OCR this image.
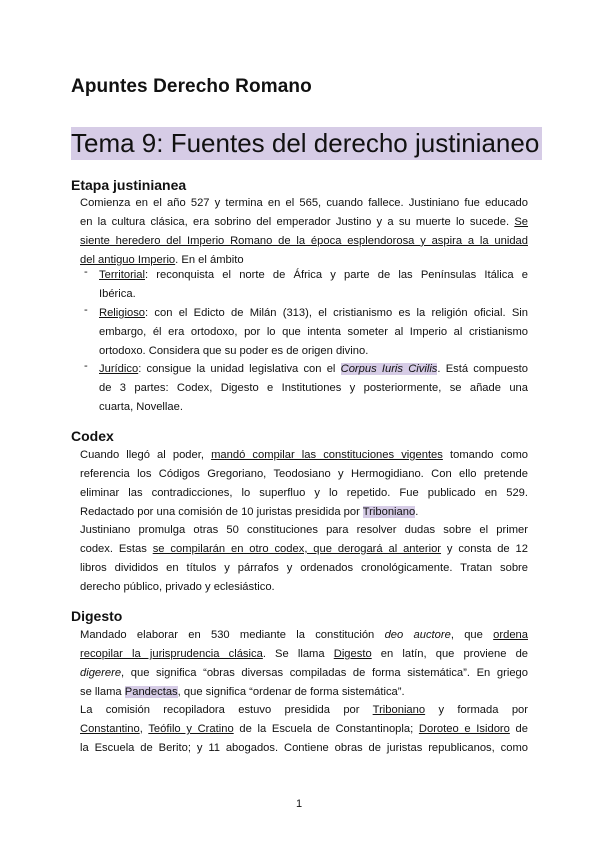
Apuntes Derecho Romano
Tema 9: Fuentes del derecho justinianeo
Etapa justinianea
Comienza en el año 527 y termina en el 565, cuando fallece. Justiniano fue educado
en la cultura clásica, era sobrino del emperador Justino y a su muerte lo sucede. Se
siente heredero del Imperio Romano de la época esplendorosa y aspira a la unidad
del antiguo Imperio. En el ámbito
- Territorial: reconquista el norte de África y parte de las Penínsulas Itálica e
Ibérica.
- Religioso: con el Edicto de Milán (313), el cristianismo es la religión oficial. Sin
embargo, él era ortodoxo, por lo que intenta someter al Imperio al cristianismo
ortodoxo. Considera que su poder es de origen divino.
- Jurídico: consigue la unidad legislativa con el Corpus Iuris Civilis. Está compuesto
de 3 partes: Codex, Digesto e Institutiones y posteriormente, se añade una
cuarta, Novellae.
Codex
Cuando llegó al poder, mandó compilar las constituciones vigentes tomando como
referencia los Códigos Gregoriano, Teodosiano y Hermogidiano. Con ello pretende
eliminar las contradicciones, lo superfluo y lo repetido. Fue publicado en 529.
Redactado por una comisión de 10 juristas presidida por Triboniano.
Justiniano promulga otras 50 constituciones para resolver dudas sobre el primer
codex. Estas se compilarán en otro codex, que derogará al anterior y consta de 12
libros divididos en títulos y párrafos y ordenados cronológicamente. Tratan sobre
derecho público, privado y eclesiástico.
Digesto
Mandado elaborar en 530 mediante la constitución deo auctore, que ordena
recopilar la jurisprudencia clásica. Se llama Digesto en latín, que proviene de
digerere, que significa “obras diversas compiladas de forma sistemática”. En griego
se llama Pandectas, que significa “ordenar de forma sistemática”.
La comisión recopiladora estuvo presidida por Triboniano y formada por
Constantino, Teófilo y Cratino de la Escuela de Constantinopla; Doroteo e Isidoro de
la Escuela de Berito; y 11 abogados. Contiene obras de juristas republicanos, como
1
